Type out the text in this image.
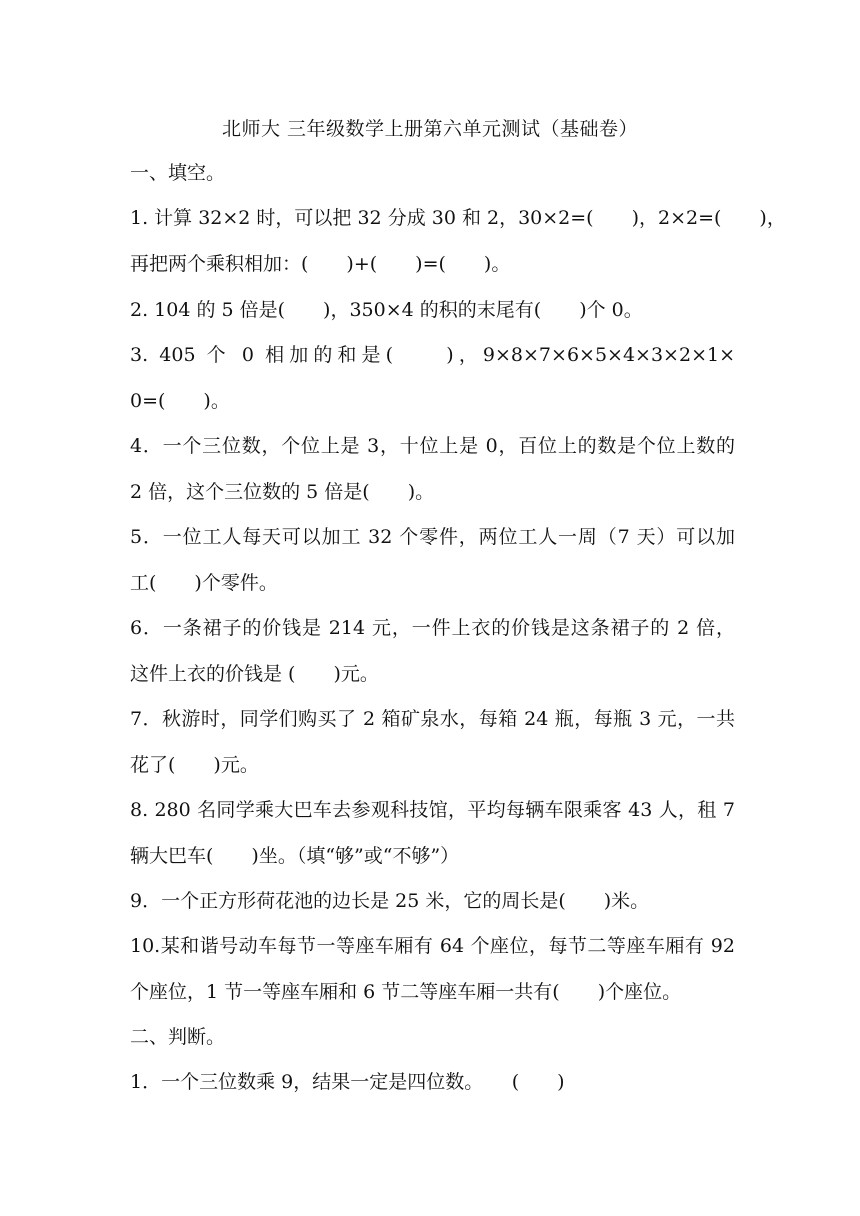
北师大 三年级数学上册第六单元测试（基础卷）
一、填空。
1. 计算 32×2 时，可以把 32 分成 30 和 2，30×2=(　　)，2×2=(　　)，
再把两个乘积相加：(　　)+(　　)=(　　)。
2. 104 的 5 倍是(　　)，350×4 的积的末尾有(　　)个 0。
3. 405 个 0 相加的和是(　　)，9×8×7×6×5×4×3×2×1×
0=(　　)。
4．一个三位数，个位上是 3，十位上是 0，百位上的数是个位上数的
2 倍，这个三位数的 5 倍是(　　)。
5．一位工人每天可以加工 32 个零件，两位工人一周（7 天）可以加
工(　　)个零件。
6．一条裙子的价钱是 214 元，一件上衣的价钱是这条裙子的 2 倍，
这件上衣的价钱是 (　　)元。
7．秋游时，同学们购买了 2 箱矿泉水，每箱 24 瓶，每瓶 3 元，一共
花了(　　)元。
8. 280 名同学乘大巴车去参观科技馆，平均每辆车限乘客 43 人，租 7
辆大巴车(　　)坐。（填“够”或“不够”）
9．一个正方形荷花池的边长是 25 米，它的周长是(　　)米。
10.某和谐号动车每节一等座车厢有 64 个座位，每节二等座车厢有 92
个座位，1 节一等座车厢和 6 节二等座车厢一共有(　　)个座位。
二、判断。
1．一个三位数乘 9，结果一定是四位数。　　(　　)
